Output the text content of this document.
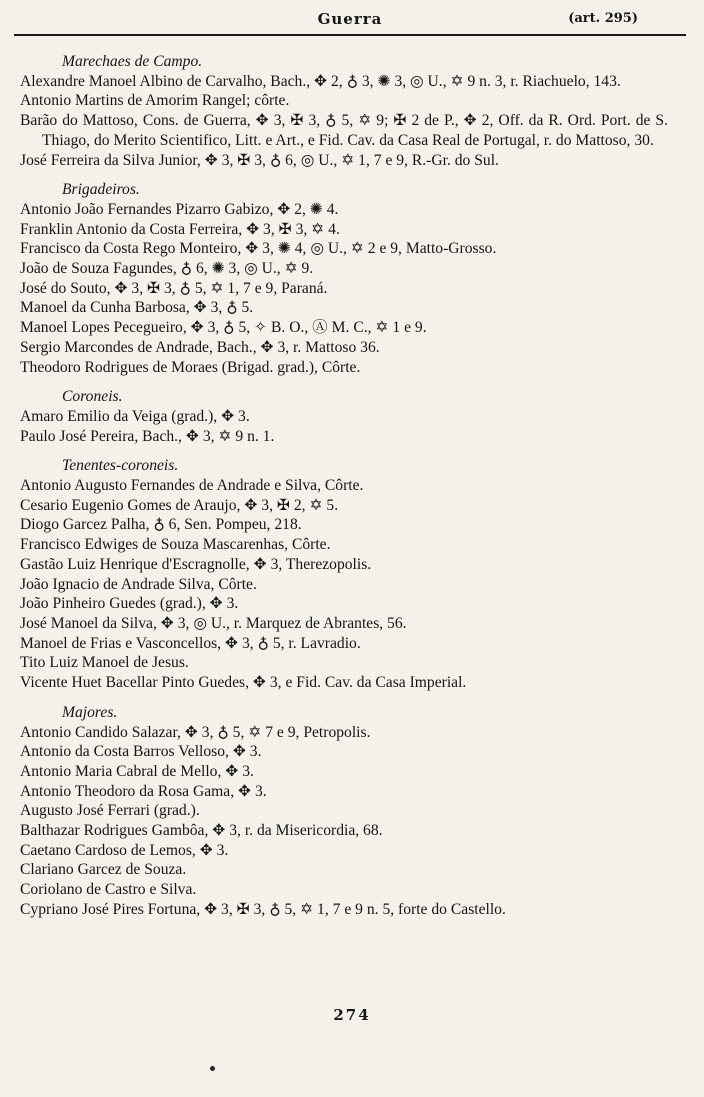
Guerra	(art. 295)
Marechaes de Campo.
Alexandre Manoel Albino de Carvalho, Bach., ✥ 2, ♁ 3, ✺ 3, ◎ U., ✡ 9 n. 3, r. Riachuelo, 143.
Antonio Martins de Amorim Rangel; côrte.
Barão do Mattoso, Cons. de Guerra, ✥ 3, ✠ 3, ♁ 5, ✡ 9; ✠ 2 de P., ✥ 2, Off. da R. Ord. Port. de S. Thiago, do Merito Scientifico, Litt. e Art., e Fid. Cav. da Casa Real de Portugal, r. do Mattoso, 30.
José Ferreira da Silva Junior, ✥ 3, ✠ 3, ♁ 6, ◎ U., ✡ 1, 7 e 9, R.-Gr. do Sul.
Brigadeiros.
Antonio João Fernandes Pizarro Gabizo, ✥ 2, ✺ 4.
Franklin Antonio da Costa Ferreira, ✥ 3, ✠ 3, ✡ 4.
Francisco da Costa Rego Monteiro, ✥ 3, ✺ 4, ◎ U., ✡ 2 e 9, Matto-Grosso.
João de Souza Fagundes, ♁ 6, ✺ 3, ◎ U., ✡ 9.
José do Souto, ✥ 3, ✠ 3, ♁ 5, ✡ 1, 7 e 9, Paraná.
Manoel da Cunha Barbosa, ✥ 3, ♁ 5.
Manoel Lopes Pecegueiro, ✥ 3, ♁ 5, ✧ B. O., Ⓐ M. C., ✡ 1 e 9.
Sergio Marcondes de Andrade, Bach., ✥ 3, r. Mattoso 36.
Theodoro Rodrigues de Moraes (Brigad. grad.), Côrte.
Coroneis.
Amaro Emilio da Veiga (grad.), ✥ 3.
Paulo José Pereira, Bach., ✥ 3, ✡ 9 n. 1.
Tenentes-coroneis.
Antonio Augusto Fernandes de Andrade e Silva, Côrte.
Cesario Eugenio Gomes de Araujo, ✥ 3, ✠ 2, ✡ 5.
Diogo Garcez Palha, ♁ 6, Sen. Pompeu, 218.
Francisco Edwiges de Souza Mascarenhas, Côrte.
Gastão Luiz Henrique d'Escragnolle, ✥ 3, Therezopolis.
João Ignacio de Andrade Silva, Côrte.
João Pinheiro Guedes (grad.), ✥ 3.
José Manoel da Silva, ✥ 3, ◎ U., r. Marquez de Abrantes, 56.
Manoel de Frias e Vasconcellos, ✥ 3, ♁ 5, r. Lavradio.
Tito Luiz Manoel de Jesus.
Vicente Huet Bacellar Pinto Guedes, ✥ 3, e Fid. Cav. da Casa Imperial.
Majores.
Antonio Candido Salazar, ✥ 3, ♁ 5, ✡ 7 e 9, Petropolis.
Antonio da Costa Barros Velloso, ✥ 3.
Antonio Maria Cabral de Mello, ✥ 3.
Antonio Theodoro da Rosa Gama, ✥ 3.
Augusto José Ferrari (grad.).
Balthazar Rodrigues Gambôa, ✥ 3, r. da Misericordia, 68.
Caetano Cardoso de Lemos, ✥ 3.
Clariano Garcez de Souza.
Coriolano de Castro e Silva.
Cypriano José Pires Fortuna, ✥ 3, ✠ 3, ♁ 5, ✡ 1, 7 e 9 n. 5, forte do Castello.
274
